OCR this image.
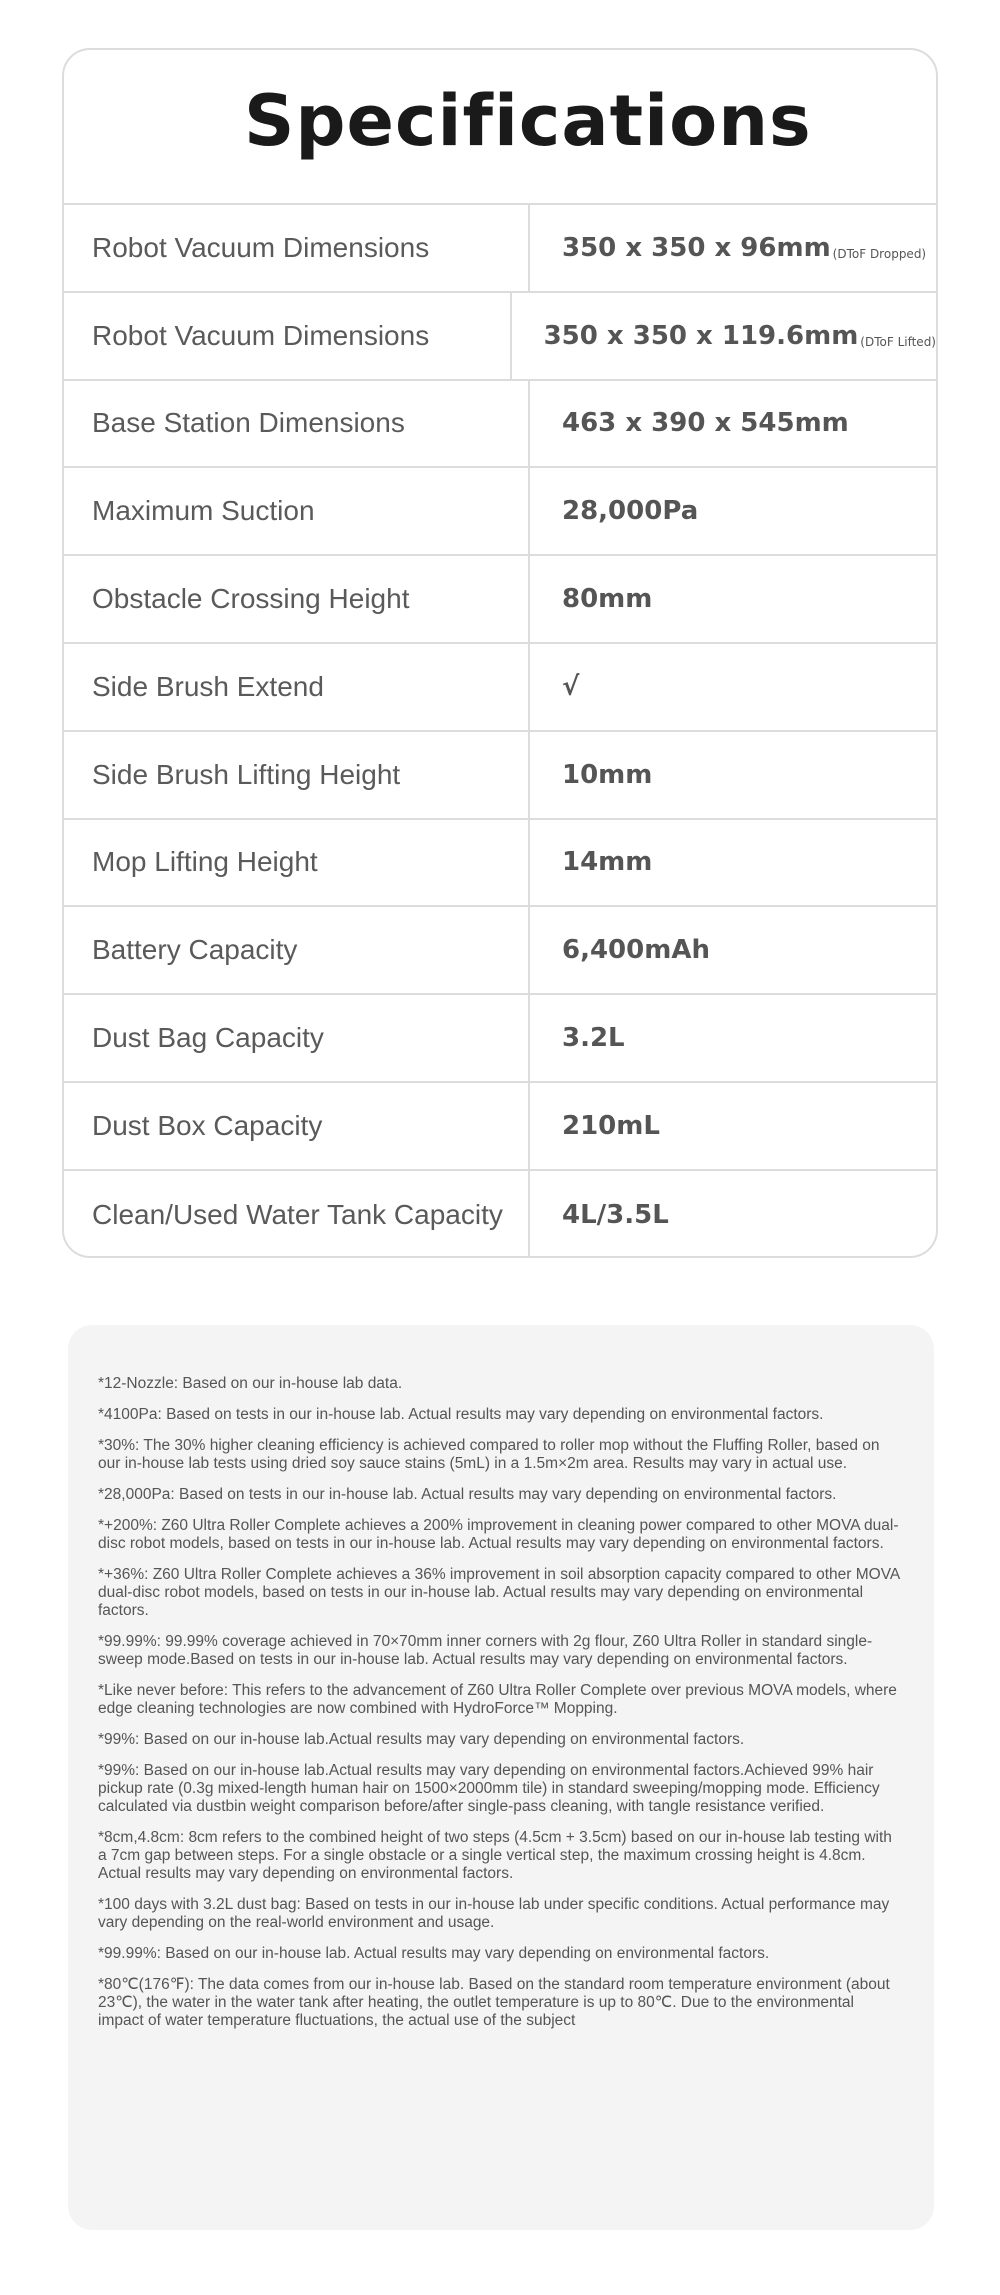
Specifications
Robot Vacuum Dimensions	350 x 350 x 96mm (DToF Dropped)
Robot Vacuum Dimensions	350 x 350 x 119.6mm (DToF Lifted)
Base Station Dimensions	463 x 390 x 545mm
Maximum Suction	28,000Pa
Obstacle Crossing Height	80mm
Side Brush Extend	√
Side Brush Lifting Height	10mm
Mop Lifting Height	14mm
Battery Capacity	6,400mAh
Dust Bag Capacity	3.2L
Dust Box Capacity	210mL
Clean/Used Water Tank Capacity	4L/3.5L

*12-Nozzle: Based on our in-house lab data.

*4100Pa: Based on tests in our in-house lab. Actual results may vary depending on environmental factors.

*30%: The 30% higher cleaning efficiency is achieved compared to roller mop without the Fluffing Roller, based on our in-house lab tests using dried soy sauce stains (5mL) in a 1.5m×2m area. Results may vary in actual use.

*28,000Pa: Based on tests in our in-house lab. Actual results may vary depending on environmental factors.

*+200%: Z60 Ultra Roller Complete achieves a 200% improvement in cleaning power compared to other MOVA dual-disc robot models, based on tests in our in-house lab. Actual results may vary depending on environmental factors.

*+36%: Z60 Ultra Roller Complete achieves a 36% improvement in soil absorption capacity compared to other MOVA dual-disc robot models, based on tests in our in-house lab. Actual results may vary depending on environmental factors.

*99.99%: 99.99% coverage achieved in 70×70mm inner corners with 2g flour, Z60 Ultra Roller in standard single-sweep mode.Based on tests in our in-house lab. Actual results may vary depending on environmental factors.

*Like never before: This refers to the advancement of Z60 Ultra Roller Complete over previous MOVA models, where edge cleaning technologies are now combined with HydroForce™ Mopping.

*99%: Based on our in-house lab.Actual results may vary depending on environmental factors.

*99%: Based on our in-house lab.Actual results may vary depending on environmental factors.Achieved 99% hair pickup rate (0.3g mixed-length human hair on 1500×2000mm tile) in standard sweeping/mopping mode. Efficiency calculated via dustbin weight comparison before/after single-pass cleaning, with tangle resistance verified.

*8cm,4.8cm: 8cm refers to the combined height of two steps (4.5cm + 3.5cm) based on our in-house lab testing with a 7cm gap between steps. For a single obstacle or a single vertical step, the maximum crossing height is 4.8cm. Actual results may vary depending on environmental factors.

*100 days with 3.2L dust bag: Based on tests in our in-house lab under specific conditions. Actual performance may vary depending on the real-world environment and usage.

*99.99%: Based on our in-house lab. Actual results may vary depending on environmental factors.

*80℃(176℉): The data comes from our in-house lab. Based on the standard room temperature environment (about 23℃), the water in the water tank after heating, the outlet temperature is up to 80℃. Due to the environmental impact of water temperature fluctuations, the actual use of the subject
